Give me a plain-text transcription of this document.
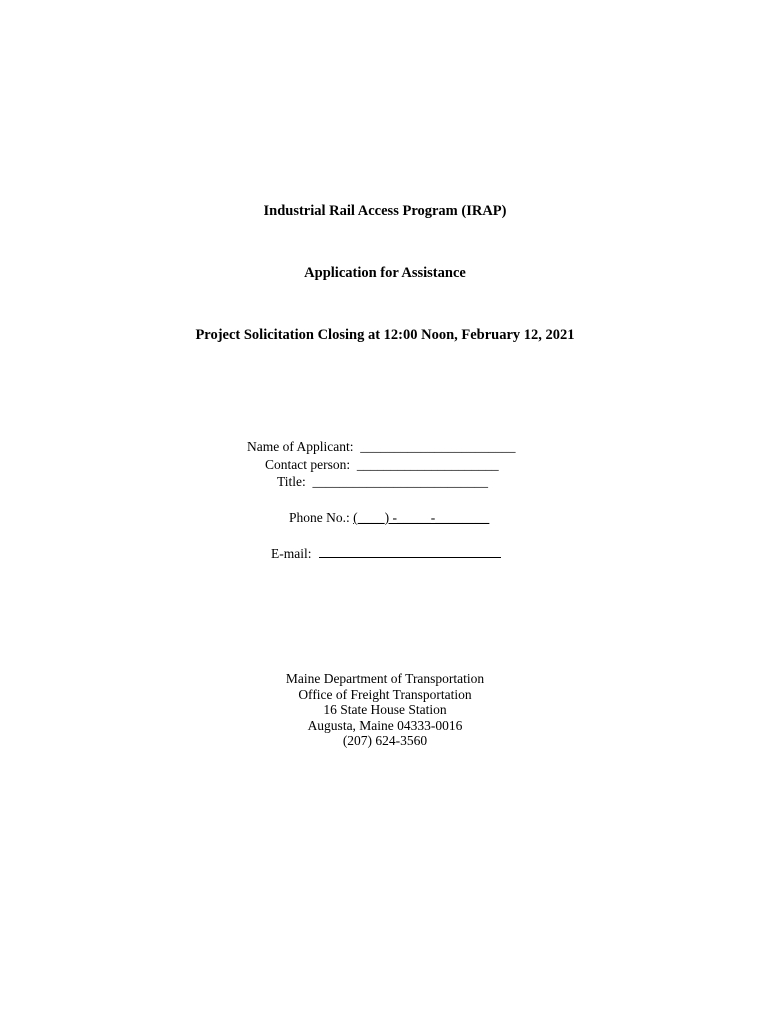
Industrial Rail Access Program (IRAP)
Application for Assistance
Project Solicitation Closing at 12:00 Noon, February 12, 2021
Name of Applicant: _______________________
Contact person: _____________________
Title: __________________________
Phone No.: (____) -_____-________
E-mail:
Maine Department of Transportation
Office of Freight Transportation
16 State House Station
Augusta, Maine 04333-0016
(207) 624-3560
